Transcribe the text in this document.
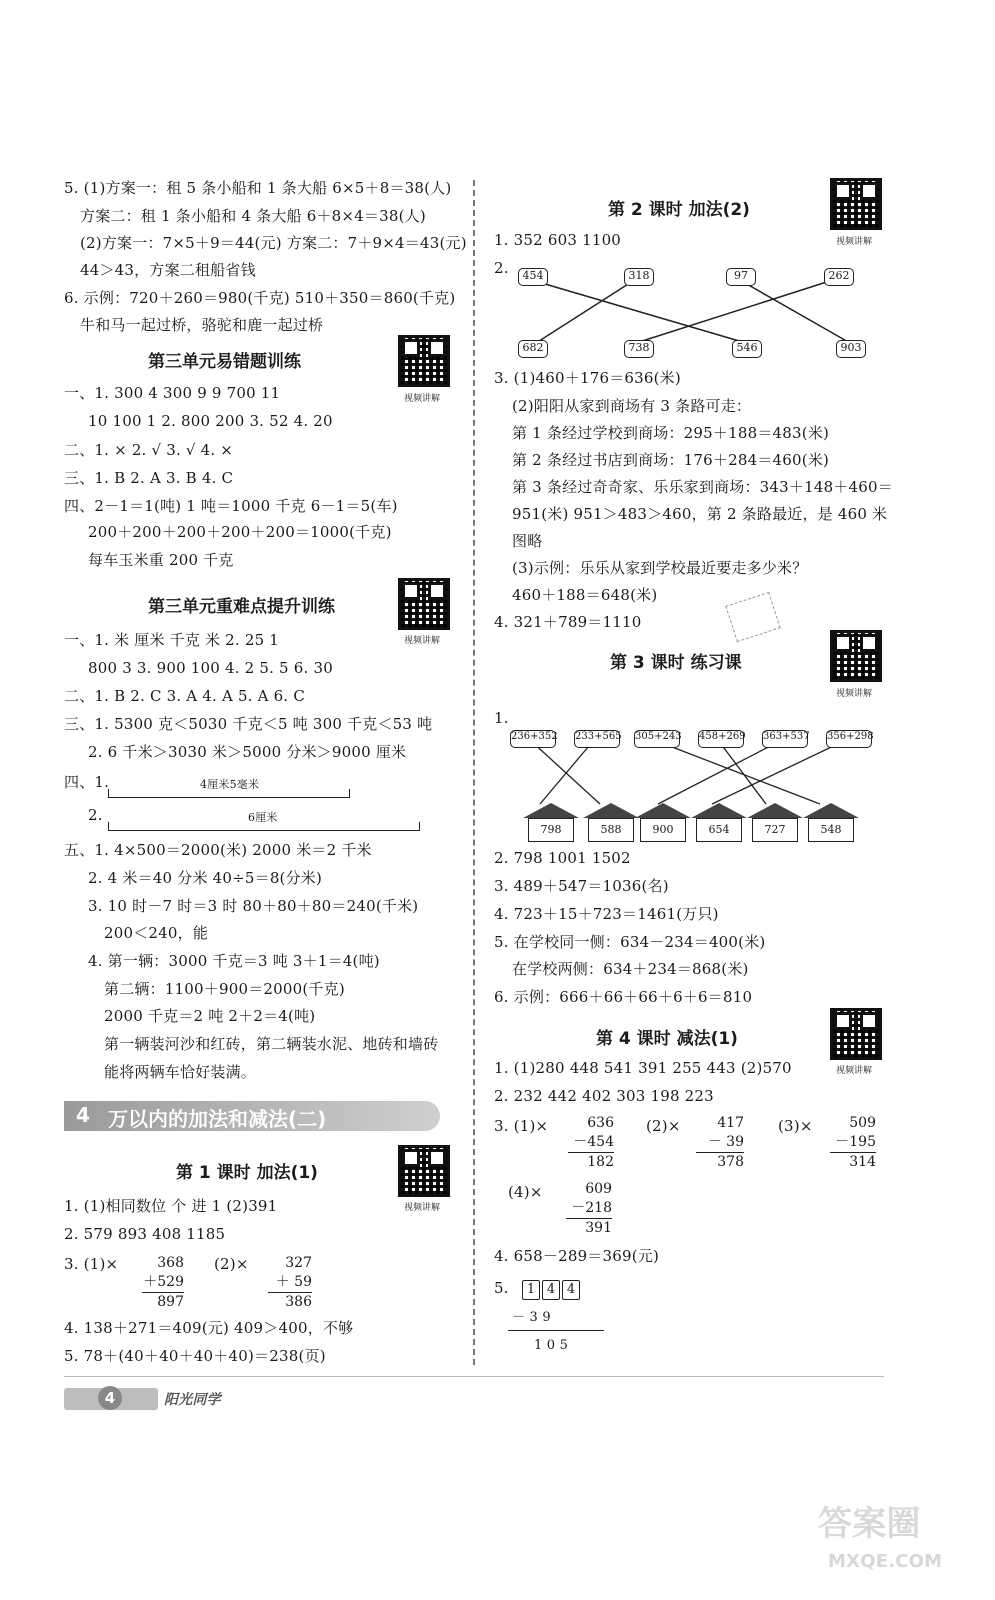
5. (1)方案一：租 5 条小船和 1 条大船 6×5＋8＝38(人)
方案二：租 1 条小船和 4 条大船 6＋8×4＝38(人)
(2)方案一：7×5＋9＝44(元) 方案二：7＋9×4＝43(元)
44＞43，方案二租船省钱
6. 示例：720＋260＝980(千克) 510＋350＝860(千克)
牛和马一起过桥，骆驼和鹿一起过桥
第三单元易错题训练
视频讲解
一、1. 300 4 300 9 9 700 11
10 100 1 2. 800 200 3. 52 4. 20
二、1. × 2. √ 3. √ 4. ×
三、1. B 2. A 3. B 4. C
四、2－1＝1(吨) 1 吨＝1000 千克 6－1＝5(车)
200＋200＋200＋200＋200＝1000(千克)
每车玉米重 200 千克
第三单元重难点提升训练
视频讲解
一、1. 米 厘米 千克 米 2. 25 1
800 3 3. 900 100 4. 2 5. 5 6. 30
二、1. B 2. C 3. A 4. A 5. A 6. C
三、1. 5300 克＜5030 千克＜5 吨 300 千克＜53 吨
2. 6 千米＞3030 米＞5000 分米＞9000 厘米
四、1.	4厘米5毫米
2.	6厘米
五、1. 4×500＝2000(米) 2000 米＝2 千米
2. 4 米＝40 分米 40÷5＝8(分米)
3. 10 时－7 时＝3 时 80＋80＋80＝240(千米)
200＜240，能
4. 第一辆：3000 千克＝3 吨 3＋1＝4(吨)
第二辆：1100＋900＝2000(千克)
2000 千克＝2 吨 2＋2＝4(吨)
第一辆装河沙和红砖，第二辆装水泥、地砖和墙砖
能将两辆车恰好装满。
4 万以内的加法和减法(二)
第 1 课时 加法(1)
视频讲解
1. (1)相同数位 个 进 1 (2)391
2. 579 893 408 1185
3. (1)×	368
＋529
897
(2)×	327
＋ 59
386
4. 138＋271＝409(元) 409＞400，不够
5. 78＋(40＋40＋40＋40)＝238(页)
第 2 课时 加法(2)
视频讲解
1. 352 603 1100
2.	454	318	97	262
682	738	546	903
3. (1)460＋176＝636(米)
(2)阳阳从家到商场有 3 条路可走：
第 1 条经过学校到商场：295＋188＝483(米)
第 2 条经过书店到商场：176＋284＝460(米)
第 3 条经过奇奇家、乐乐家到商场：343＋148＋460＝
951(米) 951＞483＞460，第 2 条路最近，是 460 米
图略
(3)示例：乐乐从家到学校最近要走多少米？
460＋188＝648(米)
4. 321＋789＝1110
第 3 课时 练习课
视频讲解
1.
236+352 233+565 305+243 458+269 363+537 356+298
798	588	900	654	727	548
2. 798 1001 1502
3. 489＋547＝1036(名)
4. 723＋15＋723＝1461(万只)
5. 在学校同一侧：634－234＝400(米)
在学校两侧：634＋234＝868(米)
6. 示例：666＋66＋66＋6＋6＝810
第 4 课时 减法(1)
视频讲解
1. (1)280 448 541 391 255 443 (2)570
2. 232 442 402 303 198 223
3. (1)×	636
－454
182
(2)×	417
－ 39
378
(3)×	509
－195
314
(4)×	609
－218
391
4. 658－289＝369(元)
5.	1 4 4
－ 3 9
1 0 5
4	阳光同学
答案圈
MXQE.COM
